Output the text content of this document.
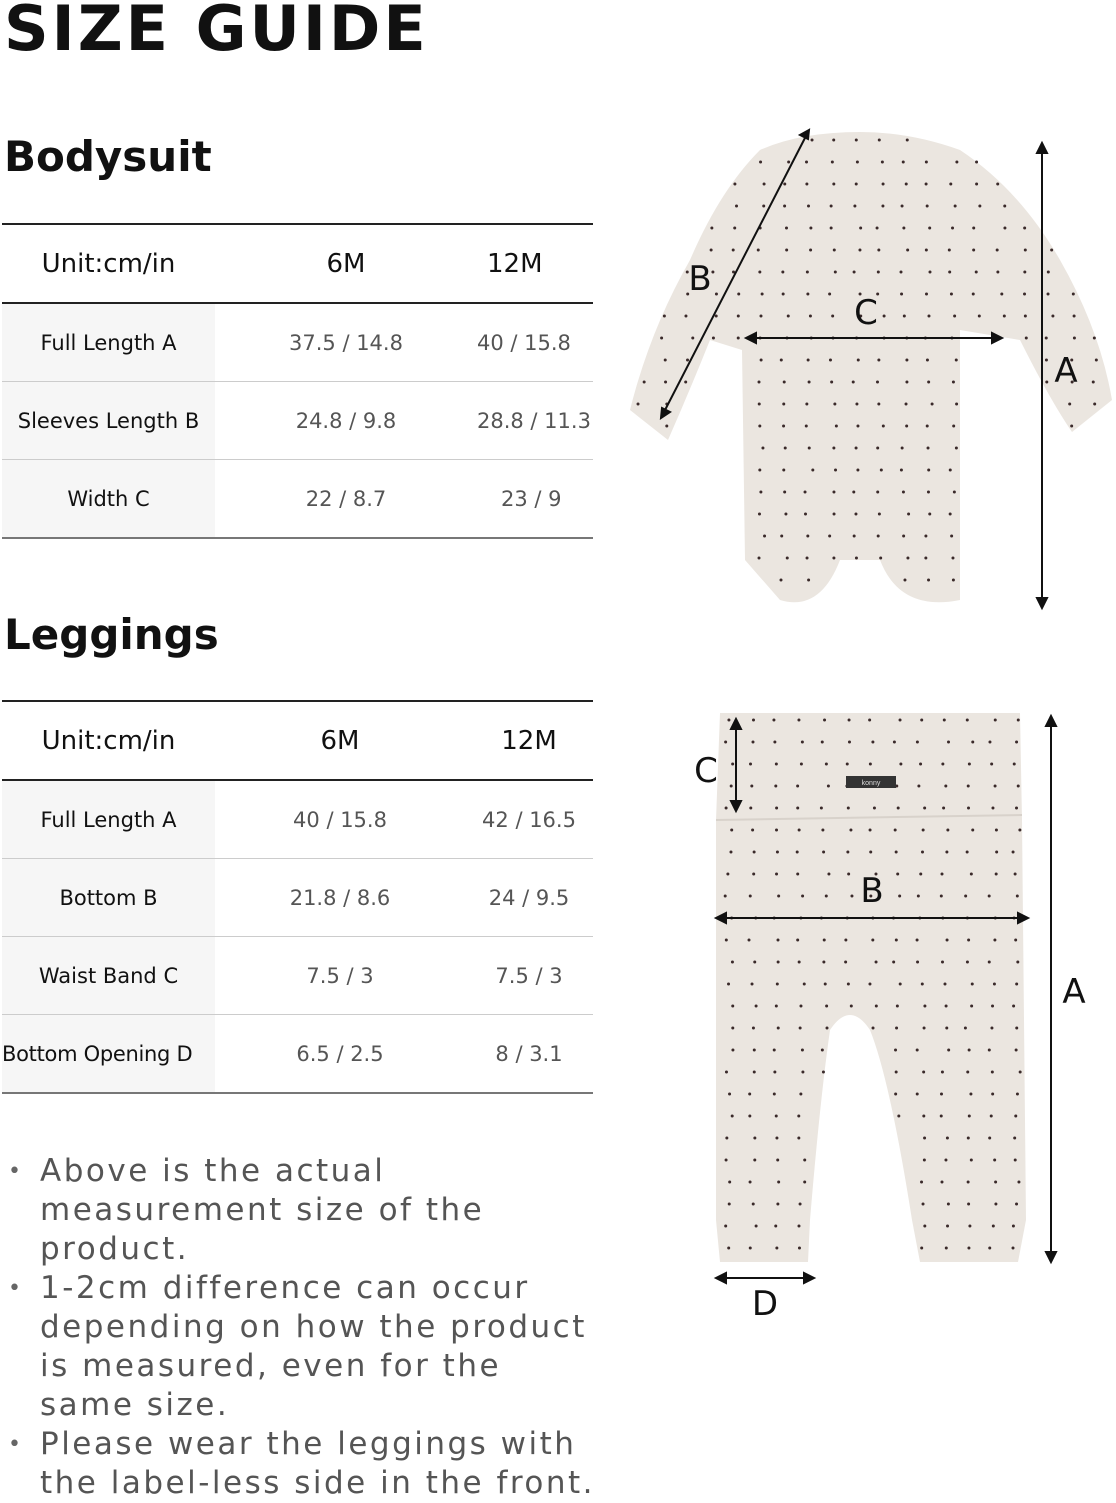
SIZE GUIDE
Bodysuit
Unit:cm/in	6M	12M
Full Length A	37.5 / 14.8	40 / 15.8
Sleeves Length B	24.8 / 9.8	28.8 / 11.3
Width C	22 / 8.7	23 / 9
Leggings
Unit:cm/in	6M	12M
Full Length A	40 / 15.8	42 / 16.5
Bottom B	21.8 / 8.6	24 / 9.5
Waist Band C	7.5 / 3	7.5 / 3
Bottom Opening D	6.5 / 2.5	8 / 3.1
• Above is the actual measurement size of the product.
• 1-2cm difference can occur depending on how the product is measured, even for the same size.
• Please wear the leggings with the label-less side in the front.
konny
A
B
C
A
B
C
D
